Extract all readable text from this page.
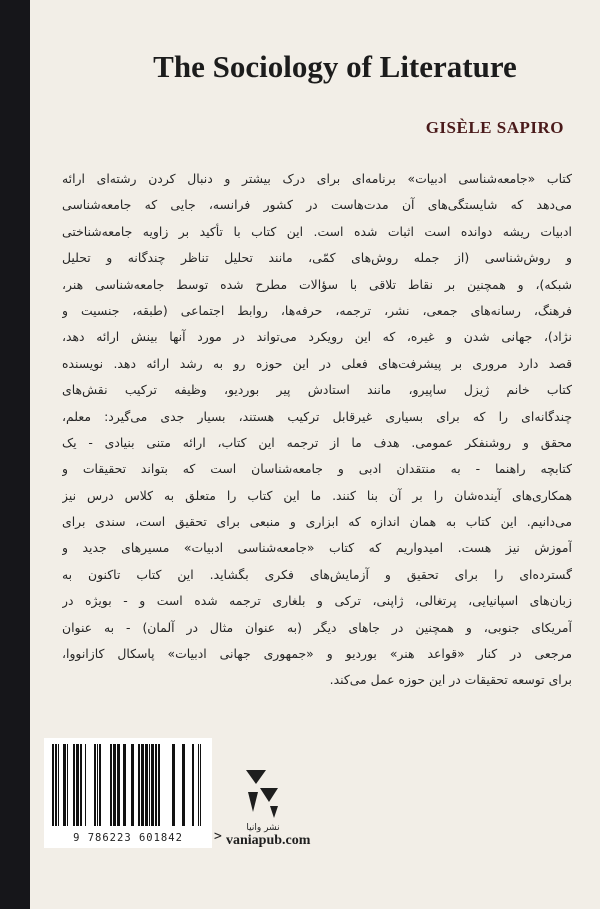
The Sociology of Literature
GISÈLE SAPIRO
کتاب «جامعه‌شناسی ادبیات» برنامه‌ای برای درک بیشتر و دنبال کردن رشته‌ای ارائه
می‌دهد که شایستگی‌های آن مدت‌هاست در کشور فرانسه، جایی که جامعه‌شناسی
ادبیات ریشه دوانده است اثبات شده است. این کتاب با تأکید بر زاویه جامعه‌شناختی
و روش‌شناسی (از جمله روش‌های کمّی، مانند تحلیل تناظر چندگانه و تحلیل
شبکه)، و همچنین بر نقاط تلاقی با سؤالات مطرح شده توسط جامعه‌شناسی هنر،
فرهنگ، رسانه‌های جمعی، نشر، ترجمه، حرفه‌ها، روابط اجتماعی (طبقه، جنسیت و
نژاد)، جهانی شدن و غیره، که این رویکرد می‌تواند در مورد آنها بینش ارائه دهد،
قصد دارد مروری بر پیشرفت‌های فعلی در این حوزه رو به رشد ارائه دهد. نویسنده
کتاب خانم ژیزل ساپیرو، مانند استادش پیر بوردیو، وظیفه ترکیب نقش‌های
چندگانه‌ای را که برای بسیاری غیرقابل ترکیب هستند، بسیار جدی می‌گیرد: معلم،
محقق و روشنفکر عمومی. هدف ما از ترجمه این کتاب، ارائه متنی بنیادی - یک
کتابچه راهنما - به منتقدان ادبی و جامعه‌شناسان است که بتواند تحقیقات و
همکاری‌های آینده‌شان را بر آن بنا کنند. ما این کتاب را متعلق به کلاس درس نیز
می‌دانیم. این کتاب به همان اندازه که ابزاری و منبعی برای تحقیق است، سندی برای
آموزش نیز هست. امیدواریم که کتاب «جامعه‌شناسی ادبیات» مسیرهای جدید و
گسترده‌ای را برای تحقیق و آزمایش‌های فکری بگشاید. این کتاب تاکنون به
زبان‌های اسپانیایی، پرتغالی، ژاپنی، ترکی و بلغاری ترجمه شده است و - بویژه در
آمریکای جنوبی، و همچنین در جاهای دیگر (به عنوان مثال در آلمان) - به عنوان
مرجعی در کنار «قواعد هنر» بوردیو و «جمهوری جهانی ادبیات» پاسکال کازانووا،
برای توسعه تحقیقات در این حوزه عمل می‌کند.
9 786223 601842	>
نشر وانیا
vaniapub.com
